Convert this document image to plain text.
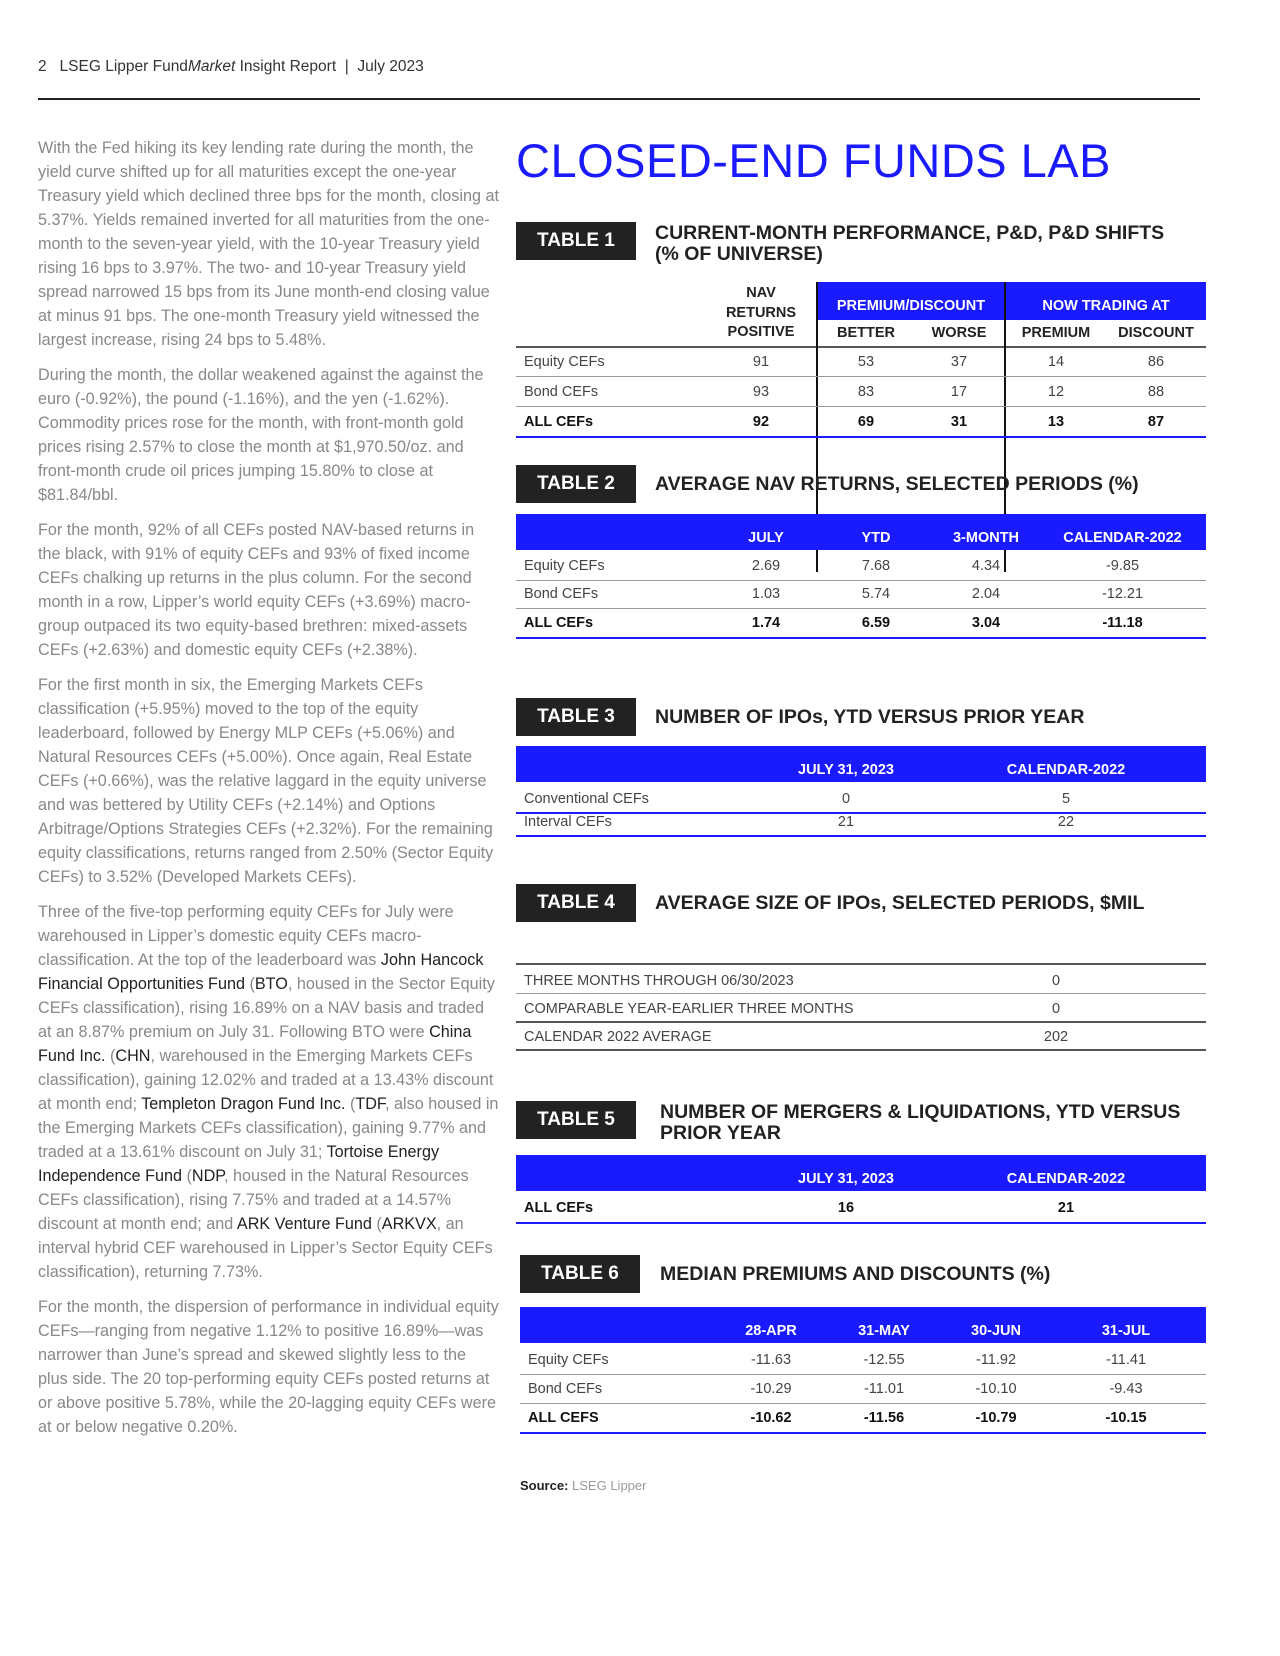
2 LSEG Lipper FundMarket Insight Report | July 2023

With the Fed hiking its key lending rate during the month, the yield curve shifted up for all maturities except the one-year Treasury yield which declined three bps for the month, closing at 5.37%. Yields remained inverted for all maturities from the one-month to the seven-year yield, with the 10-year Treasury yield rising 16 bps to 3.97%. The two- and 10-year Treasury yield spread narrowed 15 bps from its June month-end closing value at minus 91 bps. The one-month Treasury yield witnessed the largest increase, rising 24 bps to 5.48%.

During the month, the dollar weakened against the against the euro (-0.92%), the pound (-1.16%), and the yen (-1.62%). Commodity prices rose for the month, with front-month gold prices rising 2.57% to close the month at $1,970.50/oz. and front-month crude oil prices jumping 15.80% to close at $81.84/bbl.

For the month, 92% of all CEFs posted NAV-based returns in the black, with 91% of equity CEFs and 93% of fixed income CEFs chalking up returns in the plus column. For the second month in a row, Lipper’s world equity CEFs (+3.69%) macro-group outpaced its two equity-based brethren: mixed-assets CEFs (+2.63%) and domestic equity CEFs (+2.38%).

For the first month in six, the Emerging Markets CEFs classification (+5.95%) moved to the top of the equity leaderboard, followed by Energy MLP CEFs (+5.06%) and Natural Resources CEFs (+5.00%). Once again, Real Estate CEFs (+0.66%), was the relative laggard in the equity universe and was bettered by Utility CEFs (+2.14%) and Options Arbitrage/Options Strategies CEFs (+2.32%). For the remaining equity classifications, returns ranged from 2.50% (Sector Equity CEFs) to 3.52% (Developed Markets CEFs).

Three of the five-top performing equity CEFs for July were warehoused in Lipper’s domestic equity CEFs macro-classification. At the top of the leaderboard was John Hancock Financial Opportunities Fund (BTO, housed in the Sector Equity CEFs classification), rising 16.89% on a NAV basis and traded at an 8.87% premium on July 31. Following BTO were China Fund Inc. (CHN, warehoused in the Emerging Markets CEFs classification), gaining 12.02% and traded at a 13.43% discount at month end; Templeton Dragon Fund Inc. (TDF, also housed in the Emerging Markets CEFs classification), gaining 9.77% and traded at a 13.61% discount on July 31; Tortoise Energy Independence Fund (NDP, housed in the Natural Resources CEFs classification), rising 7.75% and traded at a 14.57% discount at month end; and ARK Venture Fund (ARKVX, an interval hybrid CEF warehoused in Lipper’s Sector Equity CEFs classification), returning 7.73%.

For the month, the dispersion of performance in individual equity CEFs—ranging from negative 1.12% to positive 16.89%—was narrower than June’s spread and skewed slightly less to the plus side. The 20 top-performing equity CEFs posted returns at or above positive 5.78%, while the 20-lagging equity CEFs were at or below negative 0.20%.

CLOSED-END FUNDS LAB
TABLE 1	CURRENT-MONTH PERFORMANCE, P&D, P&D SHIFTS
(% OF UNIVERSE)
NAV
RETURNS
POSITIVE
PREMIUM/DISCOUNT	NOW TRADING AT
BETTER	WORSE	PREMIUM	DISCOUNT
Equity CEFs	91	53	37	14	86
Bond CEFs	93	83	17	12	88
ALL CEFs	92	69	31	13	87
TABLE 2	AVERAGE NAV RETURNS, SELECTED PERIODS (%)
JULY	YTD	3-MONTH	CALENDAR-2022
Equity CEFs	2.69	7.68	4.34	-9.85
Bond CEFs	1.03	5.74	2.04	-12.21
ALL CEFs	1.74	6.59	3.04	-11.18
TABLE 3	NUMBER OF IPOs, YTD VERSUS PRIOR YEAR
JULY 31, 2023	CALENDAR-2022
Conventional CEFs	0	5
Interval CEFs	21	22
TABLE 4	AVERAGE SIZE OF IPOs, SELECTED PERIODS, $MIL
THREE MONTHS THROUGH 06/30/2023	0
COMPARABLE YEAR-EARLIER THREE MONTHS	0
CALENDAR 2022 AVERAGE	202
TABLE 5	NUMBER OF MERGERS & LIQUIDATIONS, YTD VERSUS
PRIOR YEAR
JULY 31, 2023	CALENDAR-2022
ALL CEFs	16	21
TABLE 6	MEDIAN PREMIUMS AND DISCOUNTS (%)
28-APR	31-MAY	30-JUN	31-JUL
Equity CEFs	-11.63	-12.55	-11.92	-11.41
Bond CEFs	-10.29	-11.01	-10.10	-9.43
ALL CEFS	-10.62	-11.56	-10.79	-10.15
Source: LSEG Lipper
